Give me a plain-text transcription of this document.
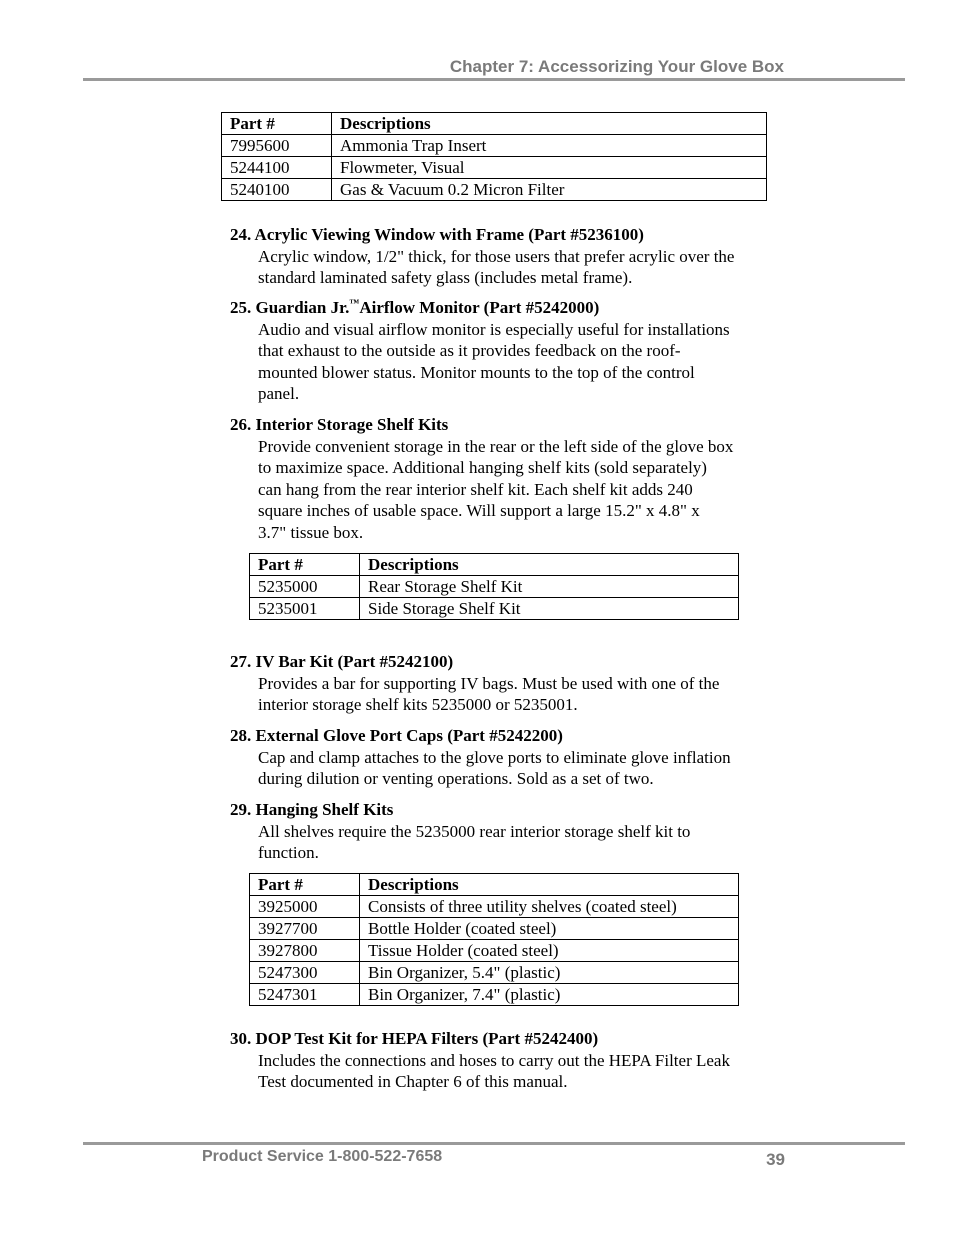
Chapter 7: Accessorizing Your Glove Box
Part #	Descriptions
7995600	Ammonia Trap Insert
5244100	Flowmeter, Visual
5240100	Gas & Vacuum 0.2 Micron Filter
24. Acrylic Viewing Window with Frame (Part #5236100)
Acrylic window, 1/2" thick, for those users that prefer acrylic over the
standard laminated safety glass (includes metal frame).
25. Guardian Jr.™Airflow Monitor (Part #5242000)
Audio and visual airflow monitor is especially useful for installations
that exhaust to the outside as it provides feedback on the roof-
mounted blower status. Monitor mounts to the top of the control
panel.
26. Interior Storage Shelf Kits
Provide convenient storage in the rear or the left side of the glove box
to maximize space. Additional hanging shelf kits (sold separately)
can hang from the rear interior shelf kit. Each shelf kit adds 240
square inches of usable space. Will support a large 15.2" x 4.8" x
3.7" tissue box.
Part #	Descriptions
5235000	Rear Storage Shelf Kit
5235001	Side Storage Shelf Kit
27. IV Bar Kit (Part #5242100)
Provides a bar for supporting IV bags. Must be used with one of the
interior storage shelf kits 5235000 or 5235001.
28. External Glove Port Caps (Part #5242200)
Cap and clamp attaches to the glove ports to eliminate glove inflation
during dilution or venting operations. Sold as a set of two.
29. Hanging Shelf Kits
All shelves require the 5235000 rear interior storage shelf kit to
function.
Part #	Descriptions
3925000	Consists of three utility shelves (coated steel)
3927700	Bottle Holder (coated steel)
3927800	Tissue Holder (coated steel)
5247300	Bin Organizer, 5.4" (plastic)
5247301	Bin Organizer, 7.4" (plastic)
30. DOP Test Kit for HEPA Filters (Part #5242400)
Includes the connections and hoses to carry out the HEPA Filter Leak
Test documented in Chapter 6 of this manual.
Product Service 1-800-522-7658	39
